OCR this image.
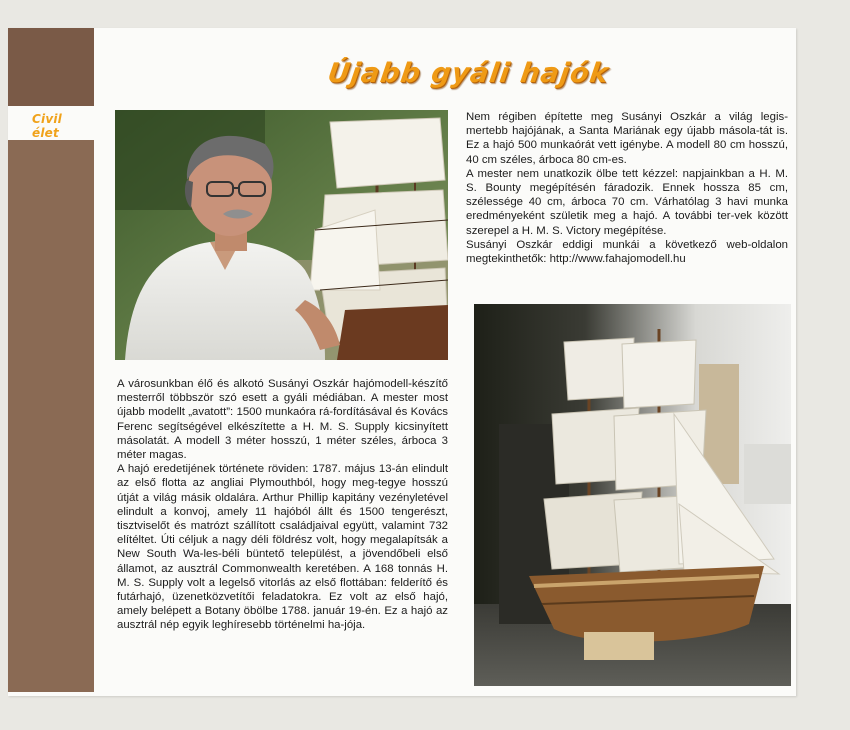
Civil élet
Újabb gyáli hajók

A városunkban élő és alkotó Susányi Oszkár hajómodell-készítő mesterről többször szó esett a gyáli médiában. A mester most újabb modellt „avatott”: 1500 munkaóra rá-fordításával és Kovács Ferenc segítségével elkészítette a H. M. S. Supply kicsinyített másolatát. A modell 3 méter hosszú, 1 méter széles, árboca 3 méter magas.

A hajó eredetijének története röviden: 1787. május 13-án elindult az első flotta az angliai Plymouthból, hogy meg-tegye hosszú útját a világ másik oldalára. Arthur Phillip kapitány vezényletével elindult a konvoj, amely 11 hajóból állt és 1500 tengerészt, tisztviselőt és matrózt szállított családjaival együtt, valamint 732 elítéltet. Úti céljuk a nagy déli földrész volt, hogy megalapítsák a New South Wa-les-béli büntető települést, a jövendőbeli első államot, az ausztrál Commonwealth keretében. A 168 tonnás H. M. S. Supply volt a legelső vitorlás az első flottában: felderítő és futárhajó, üzenetközvetítői feladatokra. Ez volt az első hajó, amely belépett a Botany öbölbe 1788. január 19-én. Ez a hajó az ausztrál nép egyik leghíresebb történelmi ha-jója.

Nem régiben építette meg Susányi Oszkár a világ legis-mertebb hajójának, a Santa Mariának egy újabb másola-tát is. Ez a hajó 500 munkaórát vett igénybe. A modell 80 cm hosszú, 40 cm széles, árboca 80 cm-es.

A mester nem unatkozik ölbe tett kézzel: napjainkban a H. M. S. Bounty megépítésén fáradozik. Ennek hossza 85 cm, szélessége 40 cm, árboca 70 cm. Várhatólag 3 havi munka eredményeként születik meg a hajó. A további ter-vek között szerepel a H. M. S. Victory megépítése.

Susányi Oszkár eddigi munkái a következő web-oldalon megtekinthetők: http://www.fahajomodell.hu
